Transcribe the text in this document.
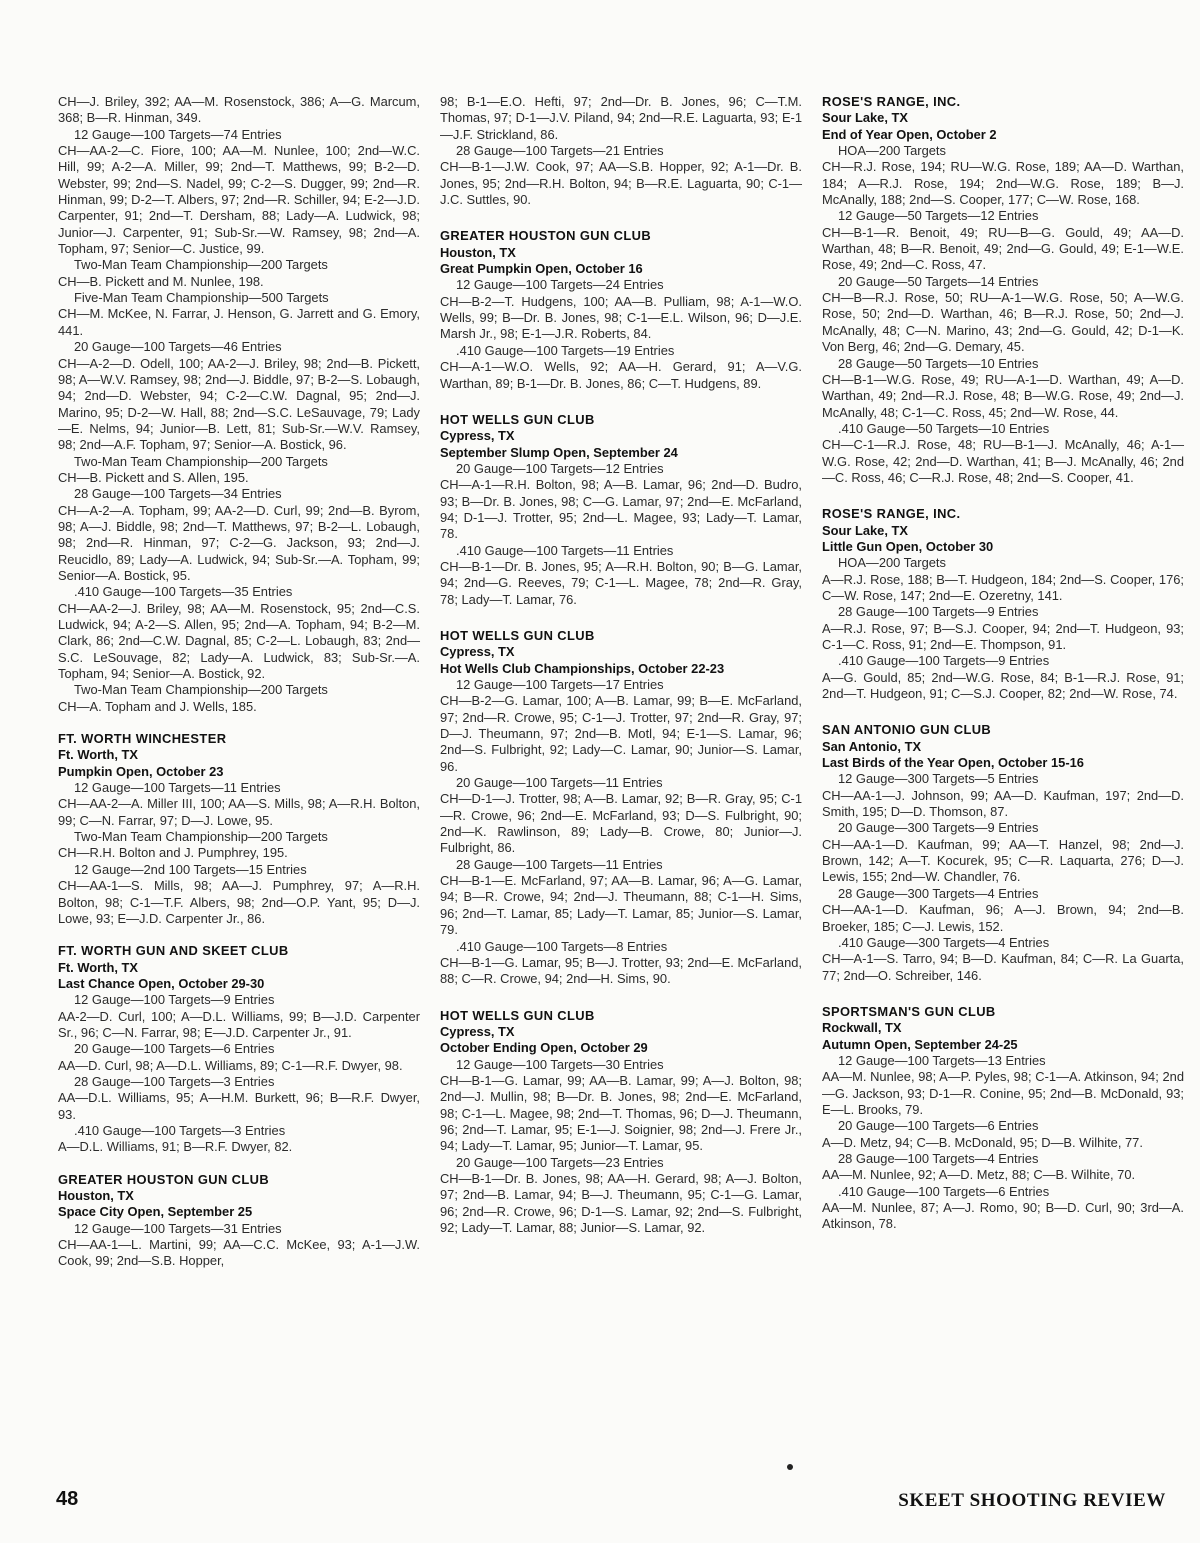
CH—J. Briley, 392; AA—M. Rosenstock, 386; A—G. Marcum, 368; B—R. Hinman, 349.

12 Gauge—100 Targets—74 Entries

CH—AA-2—C. Fiore, 100; AA—M. Nunlee, 100; 2nd—W.C. Hill, 99; A-2—A. Miller, 99; 2nd—T. Matthews, 99; B-2—D. Webster, 99; 2nd—S. Nadel, 99; C-2—S. Dugger, 99; 2nd—R. Hinman, 99; D-2—T. Albers, 97; 2nd—R. Schiller, 94; E-2—J.D. Carpenter, 91; 2nd—T. Dersham, 88; Lady—A. Ludwick, 98; Junior—J. Carpenter, 91; Sub-Sr.—W. Ramsey, 98; 2nd—A. Topham, 97; Senior—C. Justice, 99.

Two-Man Team Championship—200 Targets

CH—B. Pickett and M. Nunlee, 198.

Five-Man Team Championship—500 Targets

CH—M. McKee, N. Farrar, J. Henson, G. Jarrett and G. Emory, 441.

20 Gauge—100 Targets—46 Entries

CH—A-2—D. Odell, 100; AA-2—J. Briley, 98; 2nd—B. Pickett, 98; A—W.V. Ramsey, 98; 2nd—J. Biddle, 97; B-2—S. Lobaugh, 94; 2nd—D. Webster, 94; C-2—C.W. Dagnal, 95; 2nd—J. Marino, 95; D-2—W. Hall, 88; 2nd—S.C. LeSauvage, 79; Lady—E. Nelms, 94; Junior—B. Lett, 81; Sub-Sr.—W.V. Ramsey, 98; 2nd—A.F. Topham, 97; Senior—A. Bostick, 96.

Two-Man Team Championship—200 Targets

CH—B. Pickett and S. Allen, 195.

28 Gauge—100 Targets—34 Entries

CH—A-2—A. Topham, 99; AA-2—D. Curl, 99; 2nd—B. Byrom, 98; A—J. Biddle, 98; 2nd—T. Matthews, 97; B-2—L. Lobaugh, 98; 2nd—R. Hinman, 97; C-2—G. Jackson, 93; 2nd—J. Reucidlo, 89; Lady—A. Ludwick, 94; Sub-Sr.—A. Topham, 99; Senior—A. Bostick, 95.

.410 Gauge—100 Targets—35 Entries

CH—AA-2—J. Briley, 98; AA—M. Rosenstock, 95; 2nd—C.S. Ludwick, 94; A-2—S. Allen, 95; 2nd—A. Topham, 94; B-2—M. Clark, 86; 2nd—C.W. Dagnal, 85; C-2—L. Lobaugh, 83; 2nd—S.C. LeSouvage, 82; Lady—A. Ludwick, 83; Sub-Sr.—A. Topham, 94; Senior—A. Bostick, 92.

Two-Man Team Championship—200 Targets

CH—A. Topham and J. Wells, 185.

FT. WORTH WINCHESTER

Ft. Worth, TX

Pumpkin Open, October 23

12 Gauge—100 Targets—11 Entries

CH—AA-2—A. Miller III, 100; AA—S. Mills, 98; A—R.H. Bolton, 99; C—N. Farrar, 97; D—J. Lowe, 95.

Two-Man Team Championship—200 Targets

CH—R.H. Bolton and J. Pumphrey, 195.

12 Gauge—2nd 100 Targets—15 Entries

CH—AA-1—S. Mills, 98; AA—J. Pumphrey, 97; A—R.H. Bolton, 98; C-1—T.F. Albers, 98; 2nd—O.P. Yant, 95; D—J. Lowe, 93; E—J.D. Carpenter Jr., 86.

FT. WORTH GUN AND SKEET CLUB

Ft. Worth, TX

Last Chance Open, October 29-30

12 Gauge—100 Targets—9 Entries

AA-2—D. Curl, 100; A—D.L. Williams, 99; B—J.D. Carpenter Sr., 96; C—N. Farrar, 98; E—J.D. Carpenter Jr., 91.

20 Gauge—100 Targets—6 Entries

AA—D. Curl, 98; A—D.L. Williams, 89; C-1—R.F. Dwyer, 98.

28 Gauge—100 Targets—3 Entries

AA—D.L. Williams, 95; A—H.M. Burkett, 96; B—R.F. Dwyer, 93.

.410 Gauge—100 Targets—3 Entries

A—D.L. Williams, 91; B—R.F. Dwyer, 82.

GREATER HOUSTON GUN CLUB

Houston, TX

Space City Open, September 25

12 Gauge—100 Targets—31 Entries

CH—AA-1—L. Martini, 99; AA—C.C. McKee, 93; A-1—J.W. Cook, 99; 2nd—S.B. Hopper,

98; B-1—E.O. Hefti, 97; 2nd—Dr. B. Jones, 96; C—T.M. Thomas, 97; D-1—J.V. Piland, 94; 2nd—R.E. Laguarta, 93; E-1—J.F. Strickland, 86.

28 Gauge—100 Targets—21 Entries

CH—B-1—J.W. Cook, 97; AA—S.B. Hopper, 92; A-1—Dr. B. Jones, 95; 2nd—R.H. Bolton, 94; B—R.E. Laguarta, 90; C-1—J.C. Suttles, 90.

GREATER HOUSTON GUN CLUB

Houston, TX

Great Pumpkin Open, October 16

12 Gauge—100 Targets—24 Entries

CH—B-2—T. Hudgens, 100; AA—B. Pulliam, 98; A-1—W.O. Wells, 99; B—Dr. B. Jones, 98; C-1—E.L. Wilson, 96; D—J.E. Marsh Jr., 98; E-1—J.R. Roberts, 84.

.410 Gauge—100 Targets—19 Entries

CH—A-1—W.O. Wells, 92; AA—H. Gerard, 91; A—V.G. Warthan, 89; B-1—Dr. B. Jones, 86; C—T. Hudgens, 89.

HOT WELLS GUN CLUB

Cypress, TX

September Slump Open, September 24

20 Gauge—100 Targets—12 Entries

CH—A-1—R.H. Bolton, 98; A—B. Lamar, 96; 2nd—D. Budro, 93; B—Dr. B. Jones, 98; C—G. Lamar, 97; 2nd—E. McFarland, 94; D-1—J. Trotter, 95; 2nd—L. Magee, 93; Lady—T. Lamar, 78.

.410 Gauge—100 Targets—11 Entries

CH—B-1—Dr. B. Jones, 95; A—R.H. Bolton, 90; B—G. Lamar, 94; 2nd—G. Reeves, 79; C-1—L. Magee, 78; 2nd—R. Gray, 78; Lady—T. Lamar, 76.

HOT WELLS GUN CLUB

Cypress, TX

Hot Wells Club Championships, October 22-23

12 Gauge—100 Targets—17 Entries

CH—B-2—G. Lamar, 100; A—B. Lamar, 99; B—E. McFarland, 97; 2nd—R. Crowe, 95; C-1—J. Trotter, 97; 2nd—R. Gray, 97; D—J. Theumann, 97; 2nd—B. Motl, 94; E-1—S. Lamar, 96; 2nd—S. Fulbright, 92; Lady—C. Lamar, 90; Junior—S. Lamar, 96.

20 Gauge—100 Targets—11 Entries

CH—D-1—J. Trotter, 98; A—B. Lamar, 92; B—R. Gray, 95; C-1—R. Crowe, 96; 2nd—E. McFarland, 93; D—S. Fulbright, 90; 2nd—K. Rawlinson, 89; Lady—B. Crowe, 80; Junior—J. Fulbright, 86.

28 Gauge—100 Targets—11 Entries

CH—B-1—E. McFarland, 97; AA—B. Lamar, 96; A—G. Lamar, 94; B—R. Crowe, 94; 2nd—J. Theumann, 88; C-1—H. Sims, 96; 2nd—T. Lamar, 85; Lady—T. Lamar, 85; Junior—S. Lamar, 79.

.410 Gauge—100 Targets—8 Entries

CH—B-1—G. Lamar, 95; B—J. Trotter, 93; 2nd—E. McFarland, 88; C—R. Crowe, 94; 2nd—H. Sims, 90.

HOT WELLS GUN CLUB

Cypress, TX

October Ending Open, October 29

12 Gauge—100 Targets—30 Entries

CH—B-1—G. Lamar, 99; AA—B. Lamar, 99; A—J. Bolton, 98; 2nd—J. Mullin, 98; B—Dr. B. Jones, 98; 2nd—E. McFarland, 98; C-1—L. Magee, 98; 2nd—T. Thomas, 96; D—J. Theumann, 96; 2nd—T. Lamar, 95; E-1—J. Soignier, 98; 2nd—J. Frere Jr., 94; Lady—T. Lamar, 95; Junior—T. Lamar, 95.

20 Gauge—100 Targets—23 Entries

CH—B-1—Dr. B. Jones, 98; AA—H. Gerard, 98; A—J. Bolton, 97; 2nd—B. Lamar, 94; B—J. Theumann, 95; C-1—G. Lamar, 96; 2nd—R. Crowe, 96; D-1—S. Lamar, 92; 2nd—S. Fulbright, 92; Lady—T. Lamar, 88; Junior—S. Lamar, 92.

ROSE'S RANGE, INC.

Sour Lake, TX

End of Year Open, October 2

HOA—200 Targets

CH—R.J. Rose, 194; RU—W.G. Rose, 189; AA—D. Warthan, 184; A—R.J. Rose, 194; 2nd—W.G. Rose, 189; B—J. McAnally, 188; 2nd—S. Cooper, 177; C—W. Rose, 168.

12 Gauge—50 Targets—12 Entries

CH—B-1—R. Benoit, 49; RU—B—G. Gould, 49; AA—D. Warthan, 48; B—R. Benoit, 49; 2nd—G. Gould, 49; E-1—W.E. Rose, 49; 2nd—C. Ross, 47.

20 Gauge—50 Targets—14 Entries

CH—B—R.J. Rose, 50; RU—A-1—W.G. Rose, 50; A—W.G. Rose, 50; 2nd—D. Warthan, 46; B—R.J. Rose, 50; 2nd—J. McAnally, 48; C—N. Marino, 43; 2nd—G. Gould, 42; D-1—K. Von Berg, 46; 2nd—G. Demary, 45.

28 Gauge—50 Targets—10 Entries

CH—B-1—W.G. Rose, 49; RU—A-1—D. Warthan, 49; A—D. Warthan, 49; 2nd—R.J. Rose, 48; B—W.G. Rose, 49; 2nd—J. McAnally, 48; C-1—C. Ross, 45; 2nd—W. Rose, 44.

.410 Gauge—50 Targets—10 Entries

CH—C-1—R.J. Rose, 48; RU—B-1—J. McAnally, 46; A-1—W.G. Rose, 42; 2nd—D. Warthan, 41; B—J. McAnally, 46; 2nd—C. Ross, 46; C—R.J. Rose, 48; 2nd—S. Cooper, 41.

ROSE'S RANGE, INC.

Sour Lake, TX

Little Gun Open, October 30

HOA—200 Targets

A—R.J. Rose, 188; B—T. Hudgeon, 184; 2nd—S. Cooper, 176; C—W. Rose, 147; 2nd—E. Ozeretny, 141.

28 Gauge—100 Targets—9 Entries

A—R.J. Rose, 97; B—S.J. Cooper, 94; 2nd—T. Hudgeon, 93; C-1—C. Ross, 91; 2nd—E. Thompson, 91.

.410 Gauge—100 Targets—9 Entries

A—G. Gould, 85; 2nd—W.G. Rose, 84; B-1—R.J. Rose, 91; 2nd—T. Hudgeon, 91; C—S.J. Cooper, 82; 2nd—W. Rose, 74.

SAN ANTONIO GUN CLUB

San Antonio, TX

Last Birds of the Year Open, October 15-16

12 Gauge—300 Targets—5 Entries

CH—AA-1—J. Johnson, 99; AA—D. Kaufman, 197; 2nd—D. Smith, 195; D—D. Thomson, 87.

20 Gauge—300 Targets—9 Entries

CH—AA-1—D. Kaufman, 99; AA—T. Hanzel, 98; 2nd—J. Brown, 142; A—T. Kocurek, 95; C—R. Laquarta, 276; D—J. Lewis, 155; 2nd—W. Chandler, 76.

28 Gauge—300 Targets—4 Entries

CH—AA-1—D. Kaufman, 96; A—J. Brown, 94; 2nd—B. Broeker, 185; C—J. Lewis, 152.

.410 Gauge—300 Targets—4 Entries

CH—A-1—S. Tarro, 94; B—D. Kaufman, 84; C—R. La Guarta, 77; 2nd—O. Schreiber, 146.

SPORTSMAN'S GUN CLUB

Rockwall, TX

Autumn Open, September 24-25

12 Gauge—100 Targets—13 Entries

AA—M. Nunlee, 98; A—P. Pyles, 98; C-1—A. Atkinson, 94; 2nd—G. Jackson, 93; D-1—R. Conine, 95; 2nd—B. McDonald, 93; E—L. Brooks, 79.

20 Gauge—100 Targets—6 Entries

A—D. Metz, 94; C—B. McDonald, 95; D—B. Wilhite, 77.

28 Gauge—100 Targets—4 Entries

AA—M. Nunlee, 92; A—D. Metz, 88; C—B. Wilhite, 70.

.410 Gauge—100 Targets—6 Entries

AA—M. Nunlee, 87; A—J. Romo, 90; B—D. Curl, 90; 3rd—A. Atkinson, 78.

48	SKEET SHOOTING REVIEW
